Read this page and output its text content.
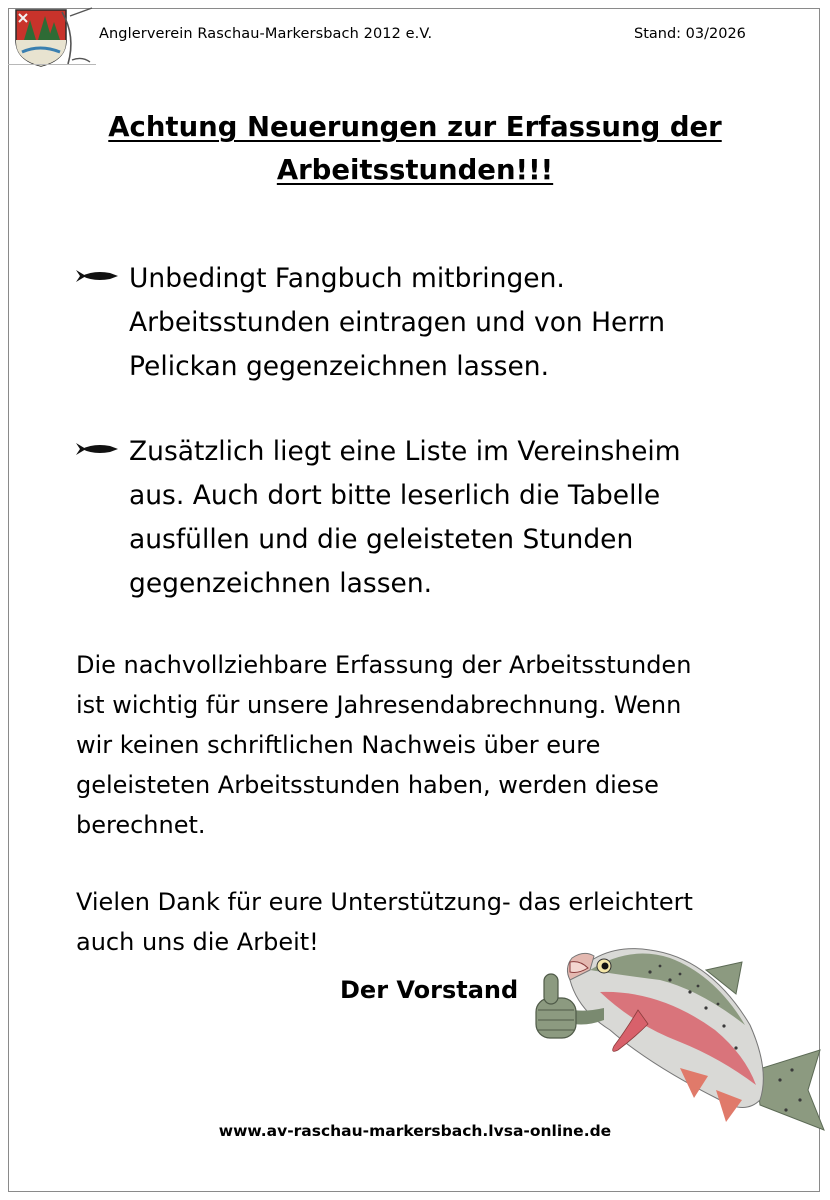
Anglerverein Raschau-Markersbach 2012 e.V.	Stand: 03/2026
Achtung Neuerungen zur Erfassung der
Arbeitsstunden!!!
Unbedingt Fangbuch mitbringen.
Arbeitsstunden eintragen und von Herrn
Pelickan gegenzeichnen lassen.
Zusätzlich liegt eine Liste im Vereinsheim
aus. Auch dort bitte leserlich die Tabelle
ausfüllen und die geleisteten Stunden
gegenzeichnen lassen.
Die nachvollziehbare Erfassung der Arbeitsstunden
ist wichtig für unsere Jahresendabrechnung. Wenn
wir keinen schriftlichen Nachweis über eure
geleisteten Arbeitsstunden haben, werden diese
berechnet.
Vielen Dank für eure Unterstützung- das erleichtert
auch uns die Arbeit!
Der Vorstand
www.av-raschau-markersbach.lvsa-online.de
